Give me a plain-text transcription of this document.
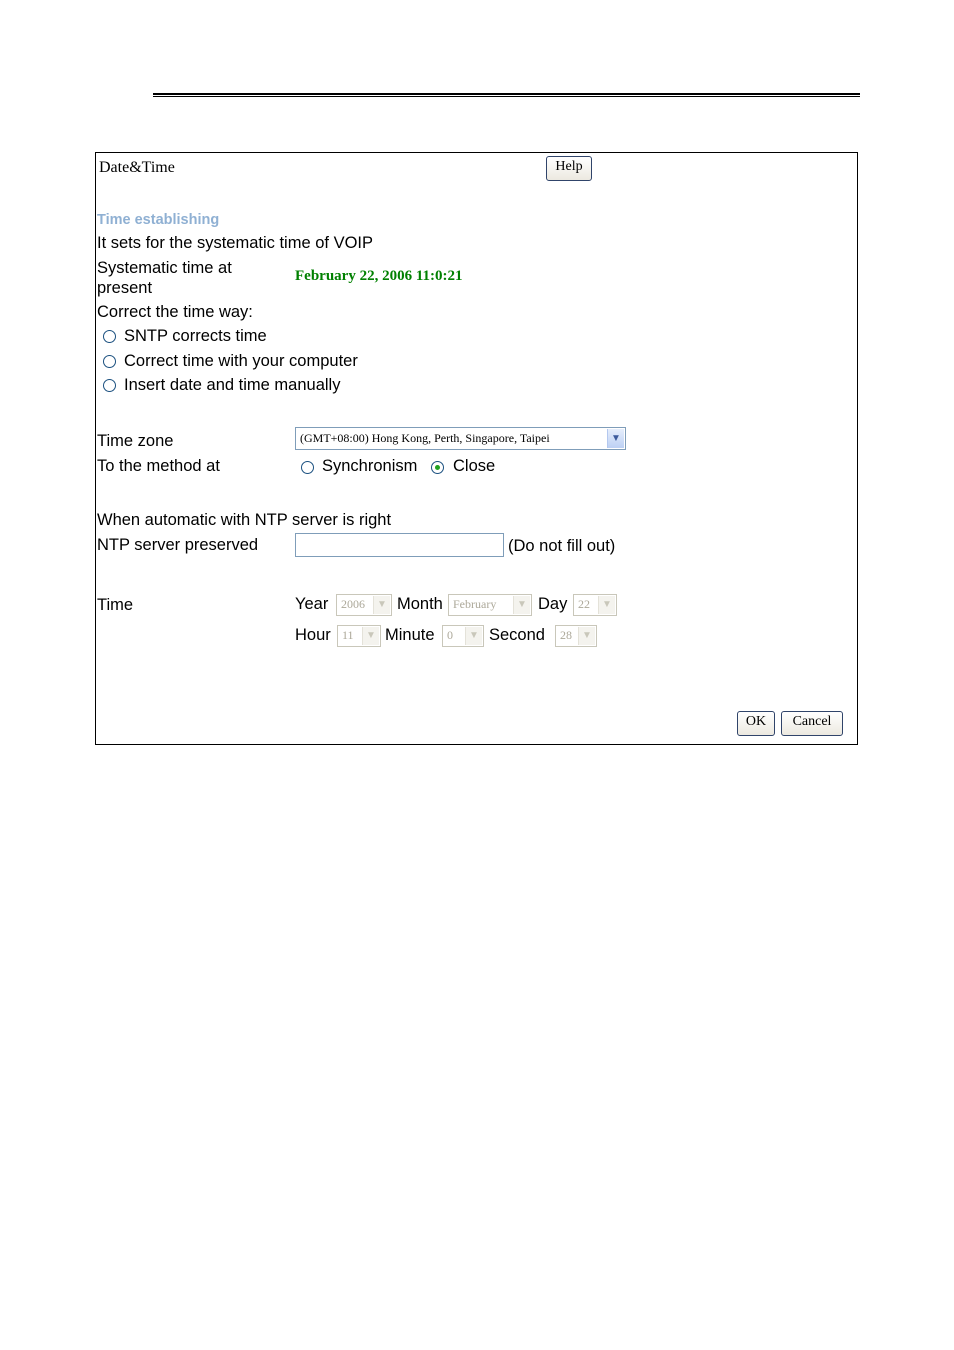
Date&Time	Help
Time establishing
It sets for the systematic time of VOIP
Systematic time at
present
February 22, 2006 11:0:21
Correct the time way:
SNTP corrects time
Correct time with your computer
Insert date and time manually
Time zone	(GMT+08:00) Hong Kong, Perth, Singapore, Taipei	▼
To the method at	Synchronism Close
When automatic with NTP server is right
NTP server preserved	(Do not fill out)
Time	Year	2006	▼ Month February	▼ Day 22	▼
Hour 11	▼ Minute	0	▼ Second	28	▼
OK	Cancel
